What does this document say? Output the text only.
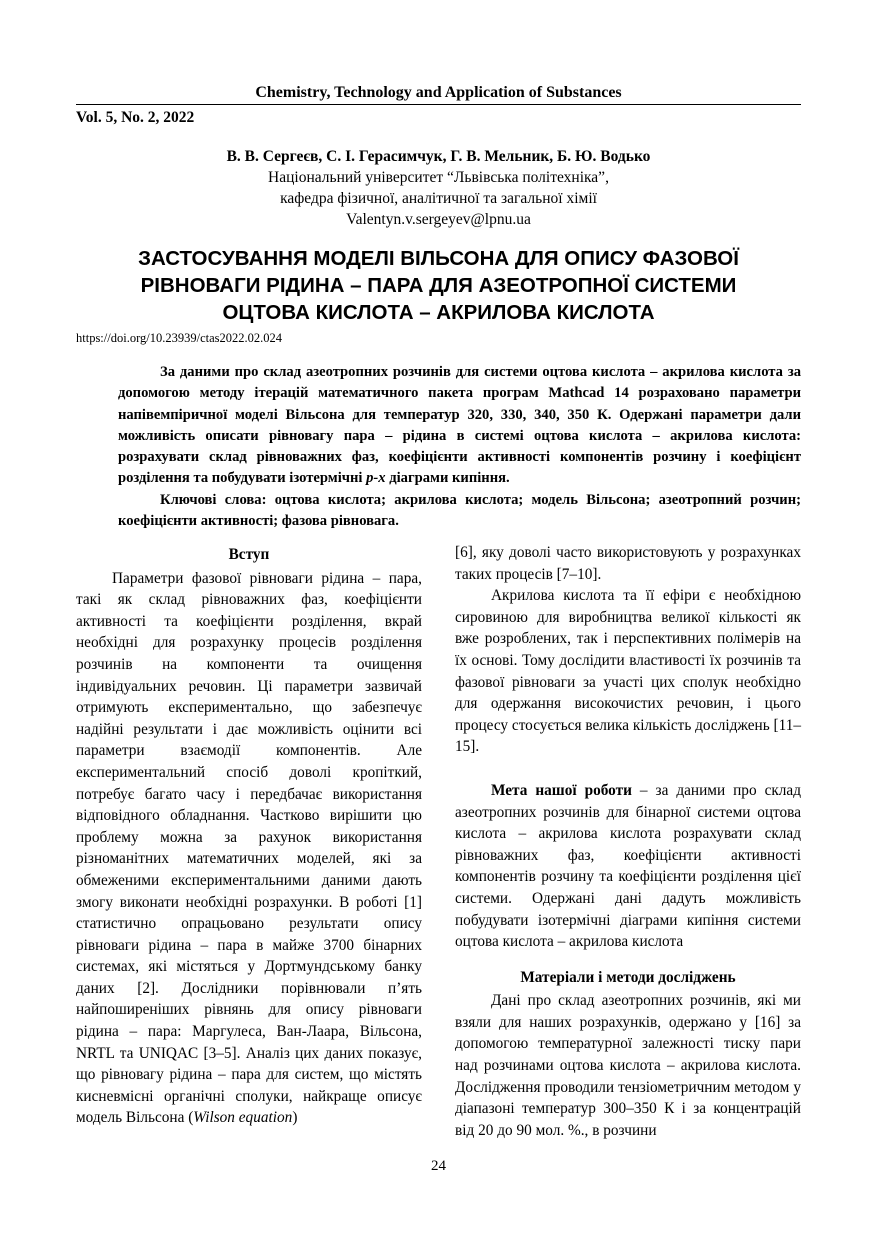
Chemistry, Technology and Application of Substances
Vol. 5, No. 2, 2022
В. В. Сергеєв, С. І. Герасимчук, Г. В. Мельник, Б. Ю. Водько
Національний університет “Львівська політехніка”,
кафедра фізичної, аналітичної та загальної хімії
Valentyn.v.sergeyev@lpnu.ua
ЗАСТОСУВАННЯ МОДЕЛІ ВІЛЬСОНА ДЛЯ ОПИСУ ФАЗОВОЇ
РІВНОВАГИ РІДИНА – ПАРА ДЛЯ АЗЕОТРОПНОЇ СИСТЕМИ
ОЦТОВА КИСЛОТА – АКРИЛОВА КИСЛОТА
https://doi.org/10.23939/ctas2022.02.024

За даними про склад азеотропних розчинів для системи оцтова кислота – акрилова кислота за допомогою методу ітерацій математичного пакета програм Mathcad 14 розраховано параметри напівемпіричної моделі Вільсона для температур 320, 330, 340, 350 К. Одержані параметри дали можливість описати рівновагу пара – рідина в системі оцтова кислота – акрилова кислота: розрахувати склад рівноважних фаз, коефіцієнти активності компонентів розчину і коефіцієнт розділення та побудувати ізотермічні p-x діаграми кипіння.

Ключові слова: оцтова кислота; акрилова кислота; модель Вільсона; азеотропний розчин; коефіцієнти активності; фазова рівновага.

Вступ

Параметри фазової рівноваги рідина – пара, такі як склад рівноважних фаз, коефіцієнти активності та коефіцієнти розділення, вкрай необхідні для розрахунку процесів розділення розчинів на компоненти та очищення індивідуальних речовин. Ці параметри зазвичай отримують експериментально, що забезпечує надійні результати і дає можливість оцінити всі параметри взаємодії компонентів. Але експериментальний спосіб доволі кропіткий, потребує багато часу і передбачає використання відповідного обладнання. Частково вирішити цю проблему можна за рахунок використання різноманітних математичних моделей, які за обмеженими експериментальними даними дають змогу виконати необхідні розрахунки. В роботі [1] статистично опрацьовано результати опису рівноваги рідина – пара в майже 3700 бінарних системах, які містяться у Дортмундському банку даних [2]. Дослідники порівнювали п’ять найпоширеніших рівнянь для опису рівноваги рідина – пара: Маргулеса, Ван-Лаара, Вільсона, NRTL та UNIQAC [3–5]. Аналіз цих даних показує, що рівновагу рідина – пара для систем, що містять кисневмісні органічні сполуки, найкраще описує модель Вільсона (Wilson equation)

[6], яку доволі часто використовують у розрахунках таких процесів [7–10].

Акрилова кислота та її ефіри є необхідною сировиною для виробництва великої кількості як вже розроблених, так і перспективних полімерів на їх основі. Тому дослідити властивості їх розчинів та фазової рівноваги за участі цих сполук необхідно для одержання високочистих речовин, і цього процесу стосується велика кількість досліджень [11–15].

Мета нашої роботи – за даними про склад азеотропних розчинів для бінарної системи оцтова кислота – акрилова кислота розрахувати склад рівноважних фаз, коефіцієнти активності компонентів розчину та коефіцієнти розділення цієї системи. Одержані дані дадуть можливість побудувати ізотермічні діаграми кипіння системи оцтова кислота – акрилова кислота

Матеріали і методи досліджень

Дані про склад азеотропних розчинів, які ми взяли для наших розрахунків, одержано у [16] за допомогою температурної залежності тиску пари над розчинами оцтова кислота – акрилова кислота. Дослідження проводили тензіометричним методом у діапазоні температур 300–350 К і за концентрацій від 20 до 90 мол. %., в розчини

24
